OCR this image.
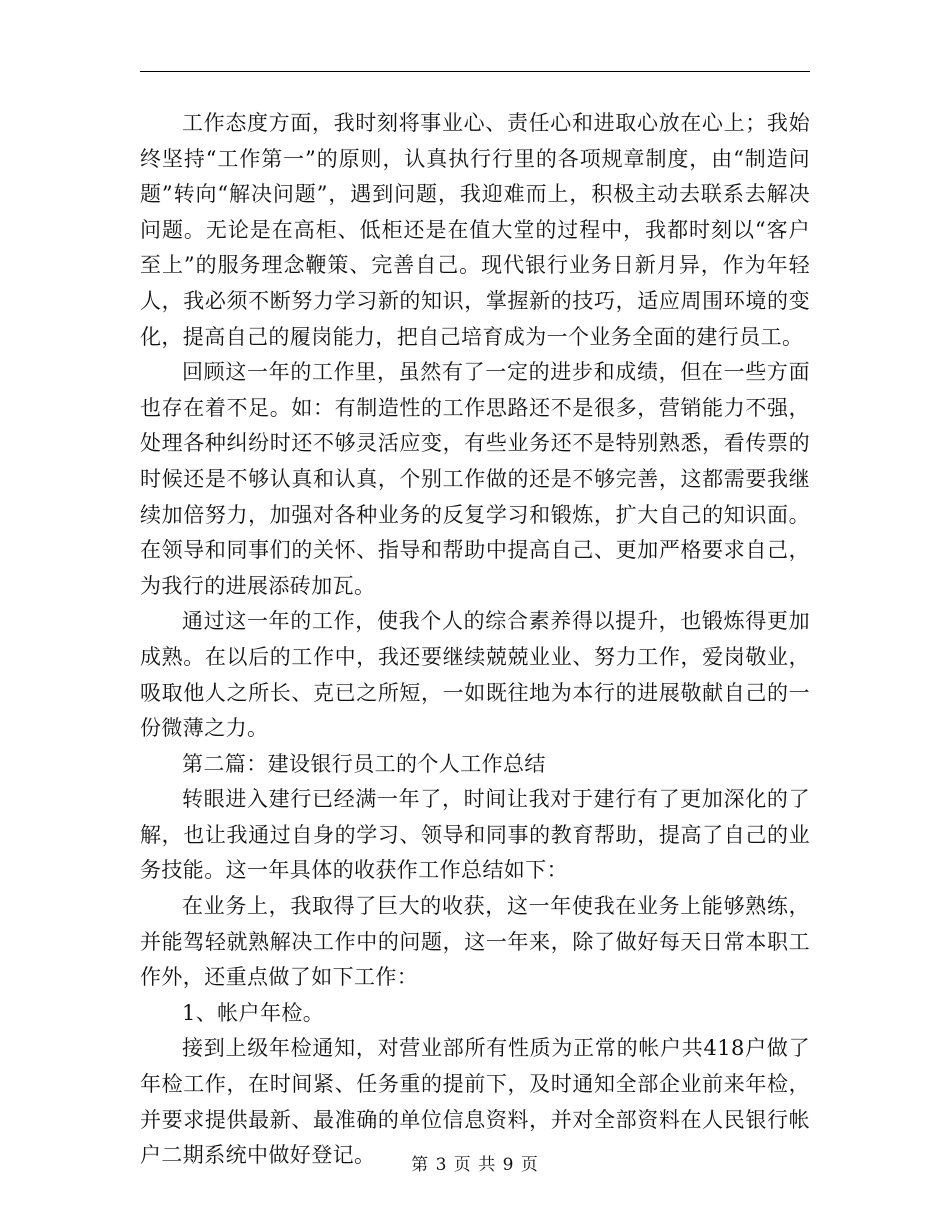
工作态度方面，我时刻将事业心、责任心和进取心放在心上；我始终坚持“工作第一”的原则，认真执行行里的各项规章制度，由“制造问题”转向“解决问题”，遇到问题，我迎难而上，积极主动去联系去解决问题。无论是在高柜、低柜还是在值大堂的过程中，我都时刻以“客户至上”的服务理念鞭策、完善自己。现代银行业务日新月异，作为年轻人，我必须不断努力学习新的知识，掌握新的技巧，适应周围环境的变化，提高自己的履岗能力，把自己培育成为一个业务全面的建行员工。

回顾这一年的工作里，虽然有了一定的进步和成绩，但在一些方面也存在着不足。如：有制造性的工作思路还不是很多，营销能力不强，处理各种纠纷时还不够灵活应变，有些业务还不是特别熟悉，看传票的时候还是不够认真和认真，个别工作做的还是不够完善，这都需要我继续加倍努力，加强对各种业务的反复学习和锻炼，扩大自己的知识面。在领导和同事们的关怀、指导和帮助中提高自己、更加严格要求自己，为我行的进展添砖加瓦。

通过这一年的工作，使我个人的综合素养得以提升，也锻炼得更加成熟。在以后的工作中，我还要继续兢兢业业、努力工作，爱岗敬业，吸取他人之所长、克已之所短，一如既往地为本行的进展敬献自己的一份微薄之力。

第二篇：建设银行员工的个人工作总结

转眼进入建行已经满一年了，时间让我对于建行有了更加深化的了解，也让我通过自身的学习、领导和同事的教育帮助，提高了自己的业务技能。这一年具体的收获作工作总结如下：

在业务上，我取得了巨大的收获，这一年使我在业务上能够熟练，并能驾轻就熟解决工作中的问题，这一年来，除了做好每天日常本职工作外，还重点做了如下工作：

1、帐户年检。

接到上级年检通知，对营业部所有性质为正常的帐户共418户做了年检工作，在时间紧、任务重的提前下，及时通知全部企业前来年检，并要求提供最新、最准确的单位信息资料，并对全部资料在人民银行帐户二期系统中做好登记。	第 3 页 共 9 页
